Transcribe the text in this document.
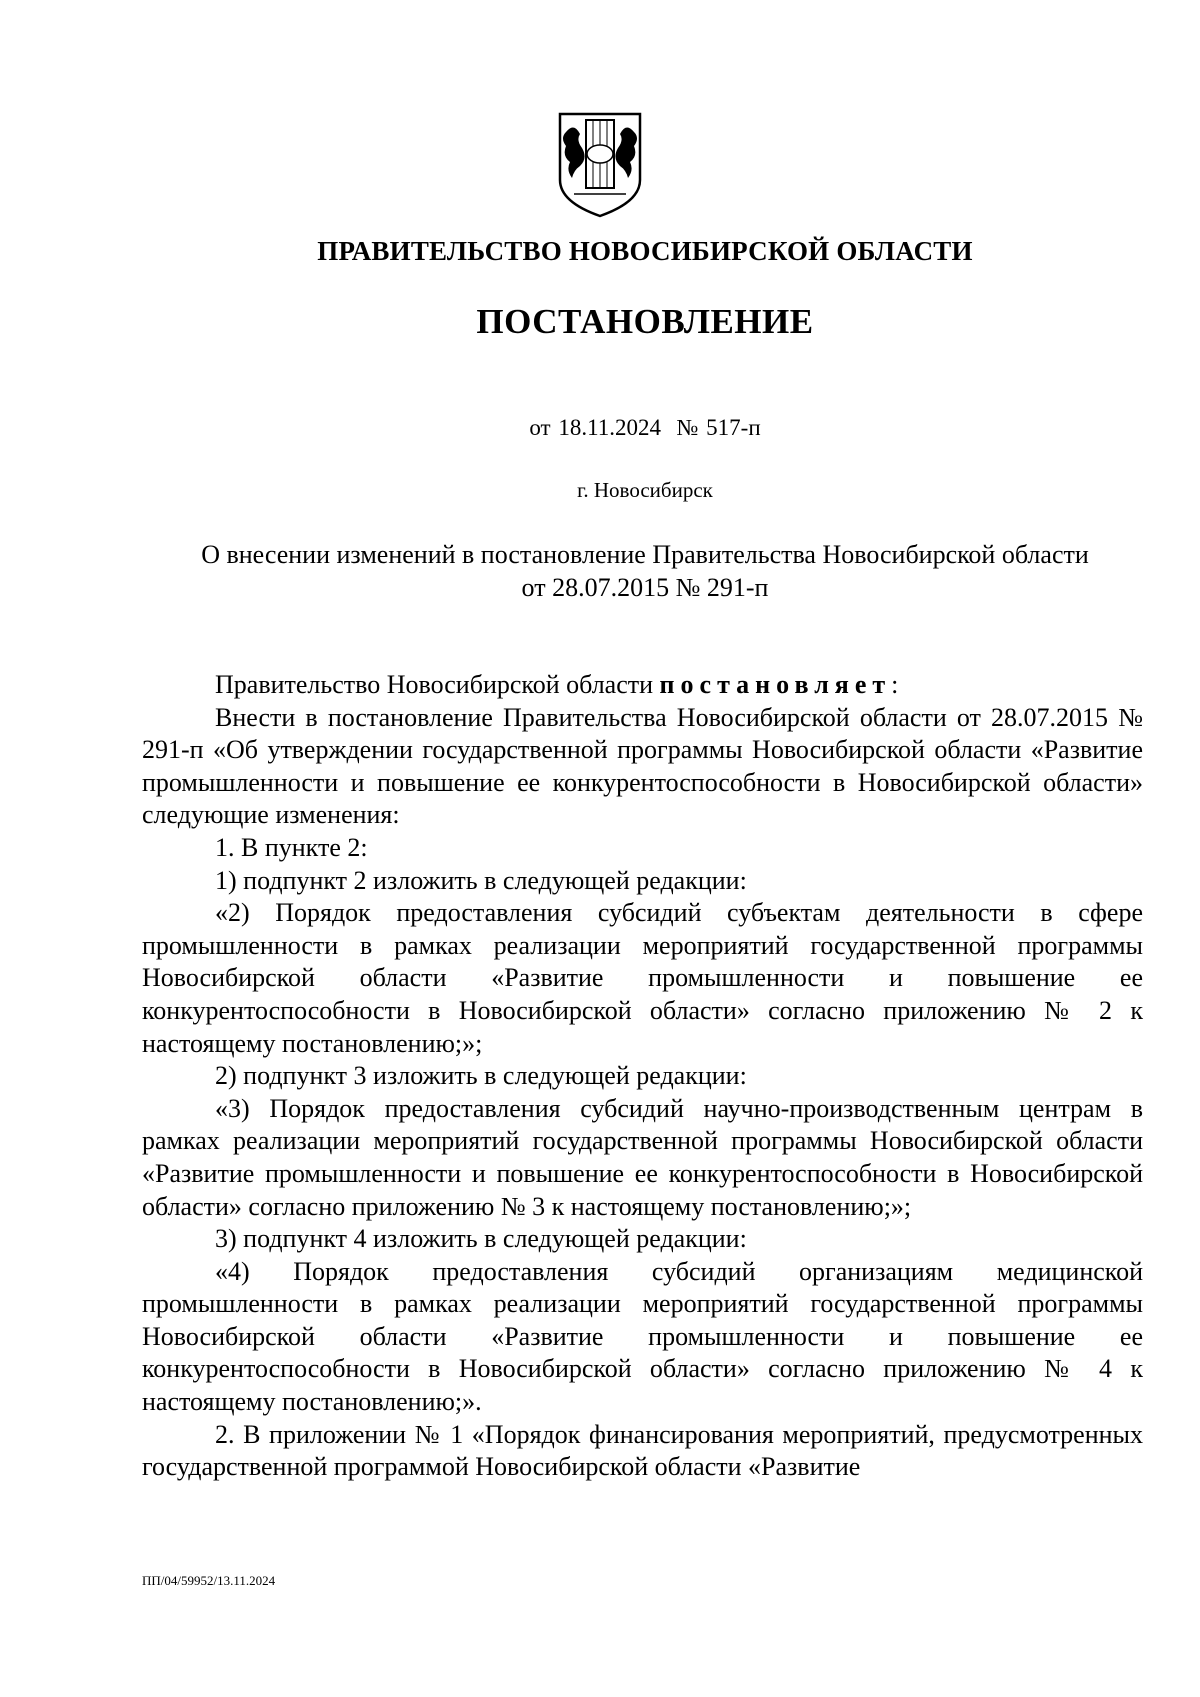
ПРАВИТЕЛЬСТВО НОВОСИБИРСКОЙ ОБЛАСТИ
ПОСТАНОВЛЕНИЕ
от 18.11.2024  № 517-п
г. Новосибирск
О внесении изменений в постановление Правительства Новосибирской области
от 28.07.2015 № 291-п

Правительство Новосибирской области постановляет:

Внести в постановление Правительства Новосибирской области от 28.07.2015 № 291-п «Об утверждении государственной программы Новосибирской области «Развитие промышленности и повышение ее конкурентоспособности в Новосибирской области» следующие изменения:

1. В пункте 2:

1) подпункт 2 изложить в следующей редакции:

«2) Порядок предоставления субсидий субъектам деятельности в сфере промышленности в рамках реализации мероприятий государственной программы Новосибирской области «Развитие промышленности и повышение ее конкурентоспособности в Новосибирской области» согласно приложению № 2 к настоящему постановлению;»;

2) подпункт 3 изложить в следующей редакции:

«3) Порядок предоставления субсидий научно-производственным центрам в рамках реализации мероприятий государственной программы Новосибирской области «Развитие промышленности и повышение ее конкурентоспособности в Новосибирской области» согласно приложению № 3 к настоящему постановлению;»;

3) подпункт 4 изложить в следующей редакции:

«4) Порядок предоставления субсидий организациям медицинской промышленности в рамках реализации мероприятий государственной программы Новосибирской области «Развитие промышленности и повышение ее конкурентоспособности в Новосибирской области» согласно приложению № 4 к настоящему постановлению;».

2. В приложении № 1 «Порядок финансирования мероприятий, предусмотренных государственной программой Новосибирской области «Развитие

ПП/04/59952/13.11.2024
